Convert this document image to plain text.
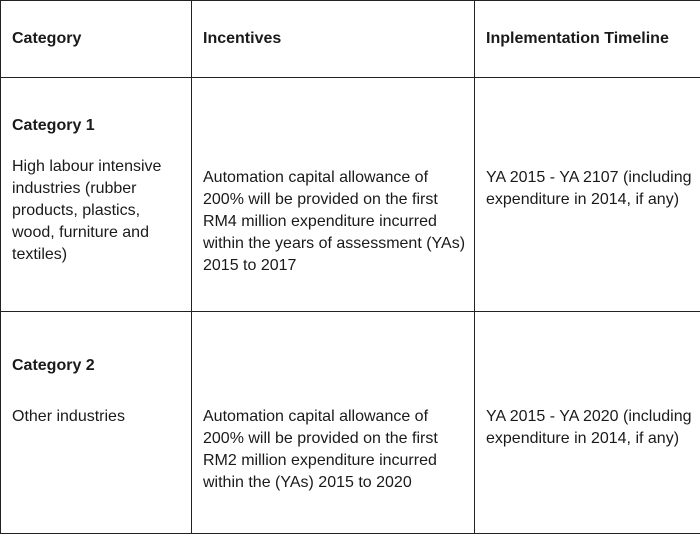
Category	Incentives	Inplementation Timeline

Category 1
High labour intensive industries (rubber products, plastics, wood, furniture and textiles)	Automation capital allowance of 200% will be provided on the first RM4 million expenditure incurred within the years of assessment (YAs) 2015 to 2017	YA 2015 - YA 2107 (including expenditure in 2014, if any)

Category 2
Other industries	Automation capital allowance of 200% will be provided on the first RM2 million expenditure incurred within the (YAs) 2015 to 2020	YA 2015 - YA 2020 (including expenditure in 2014, if any)
